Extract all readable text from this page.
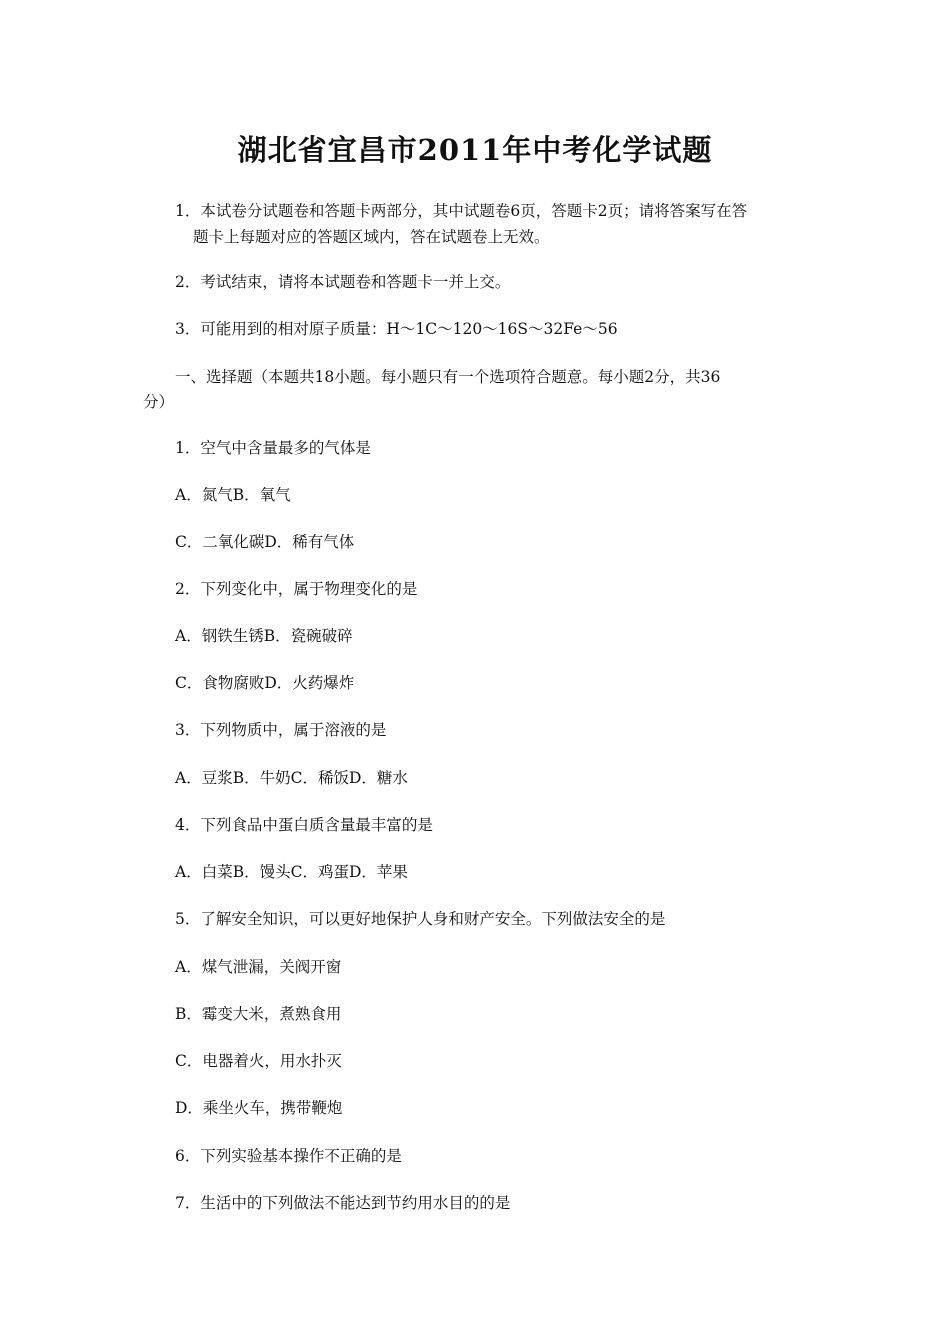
湖北省宜昌市2011年中考化学试题
1．本试卷分试题卷和答题卡两部分，其中试题卷6页，答题卡2页；请将答案写在答
题卡上每题对应的答题区域内，答在试题卷上无效。
2．考试结束，请将本试题卷和答题卡一并上交。
3．可能用到的相对原子质量：H～1C～120～16S～32Fe～56
一、选择题（本题共18小题。每小题只有一个选项符合题意。每小题2分，共36
分）
1．空气中含量最多的气体是
A．氮气B．氧气
C．二氧化碳D．稀有气体
2．下列变化中，属于物理变化的是
A．钢铁生锈B．瓷碗破碎
C．食物腐败D．火药爆炸
3．下列物质中，属于溶液的是
A．豆浆B．牛奶C．稀饭D．糖水
4．下列食品中蛋白质含量最丰富的是
A．白菜B．馒头C．鸡蛋D．苹果
5．了解安全知识，可以更好地保护人身和财产安全。下列做法安全的是
A．煤气泄漏，关阀开窗
B．霉变大米，煮熟食用
C．电器着火，用水扑灭
D．乘坐火车，携带鞭炮
6．下列实验基本操作不正确的是
7．生活中的下列做法不能达到节约用水目的的是
